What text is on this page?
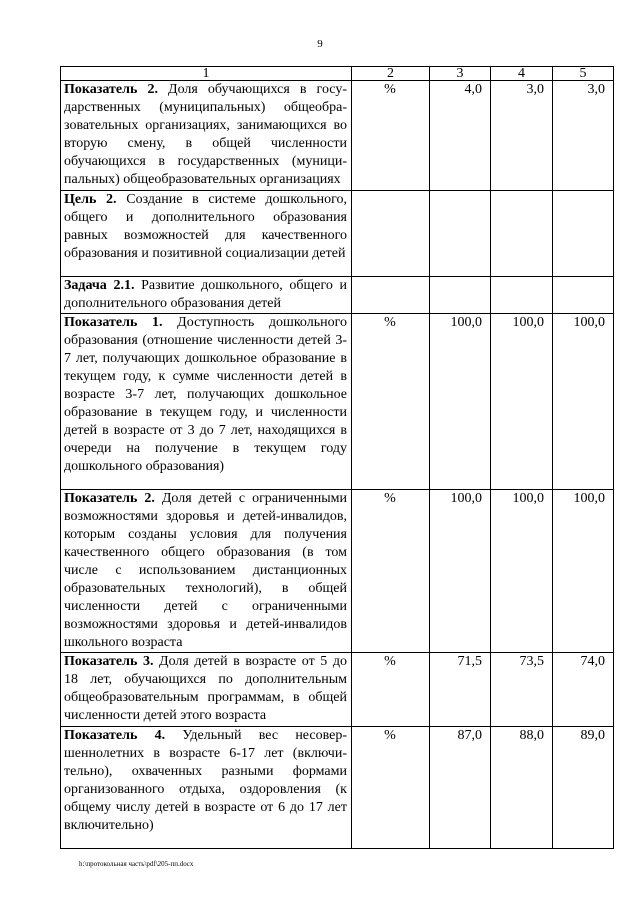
9
1	2	3	4	5
Показатель 2. Доля обучающихся в государственных (муниципальных) общеобразовательных организациях, занимающихся во вторую смену, в общей численности обучающихся в государственных (муниципальных) общеобразовательных организациях	%	4,0	3,0	3,0
Цель 2. Создание в системе дошкольного, общего и дополнительного образования равных возможностей для качественного образования и позитивной социализации детей				
Задача 2.1. Развитие дошкольного, общего и дополнительного образования детей				
Показатель 1. Доступность дошкольного образования (отношение численности детей 3-7 лет, получающих дошкольное образование в текущем году, к сумме численности детей в возрасте 3-7 лет, получающих дошкольное образование в текущем году, и численности детей в возрасте от 3 до 7 лет, находящихся в очереди на получение в текущем году дошкольного образования)	%	100,0	100,0	100,0
Показатель 2. Доля детей с ограниченными возможностями здоровья и детей-инвалидов, которым созданы условия для получения качественного общего образования (в том числе с использованием дистанционных образовательных технологий), в общей численности детей с ограниченными возможностями здоровья и детей-инвалидов школьного возраста	%	100,0	100,0	100,0
Показатель 3. Доля детей в возрасте от 5 до 18 лет, обучающихся по дополнительным общеобразовательным программам, в общей численности детей этого возраста	%	71,5	73,5	74,0
Показатель 4. Удельный вес несовершеннолетних в возрасте 6-17 лет (включительно), охваченных разными формами организованного отдыха, оздоровления (к общему числу детей в возрасте от 6 до 17 лет включительно)	%	87,0	88,0	89,0
h:\протокольная часть\pdf\205-пп.docx
